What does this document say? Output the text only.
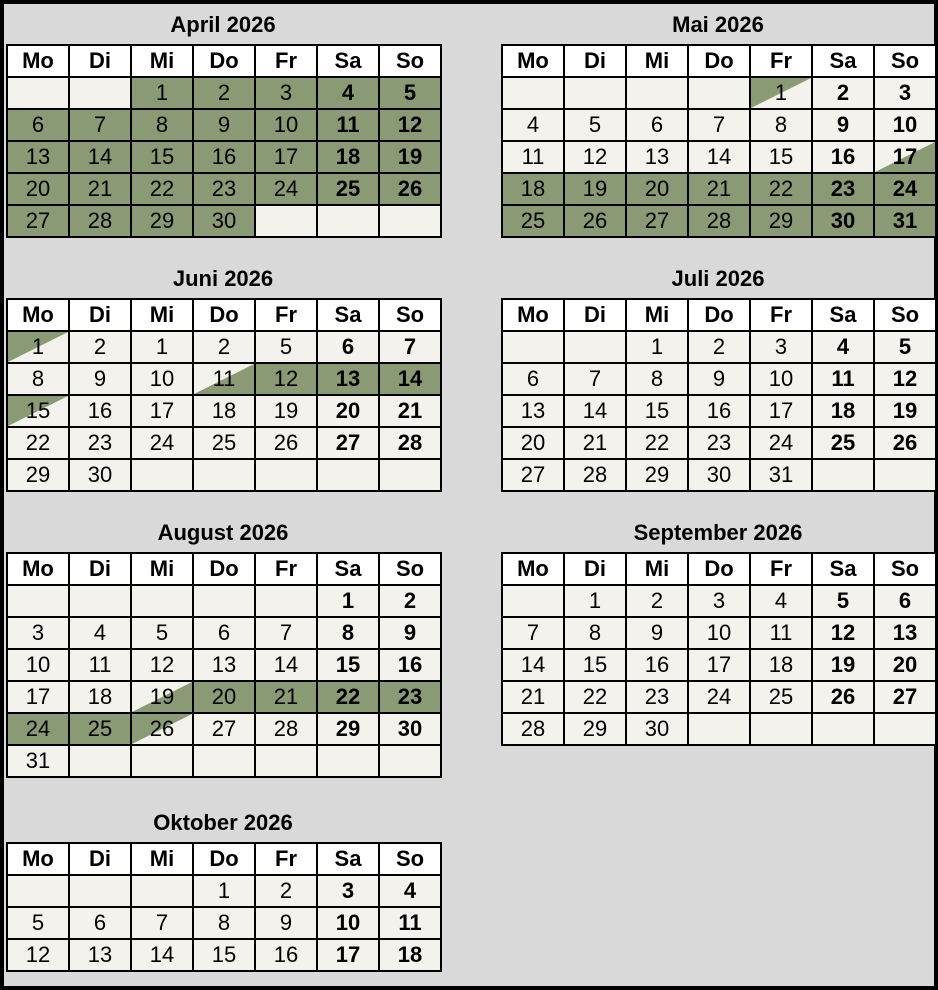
April 2026
Mo	Di	Mi	Do	Fr	Sa	So
		1	2	3	4	5
6	7	8	9	10	11	12
13	14	15	16	17	18	19
20	21	22	23	24	25	26
27	28	29	30			
Mai 2026
Mo	Di	Mi	Do	Fr	Sa	So
				1	2	3
4	5	6	7	8	9	10
11	12	13	14	15	16	17
18	19	20	21	22	23	24
25	26	27	28	29	30	31
Juni 2026
Mo	Di	Mi	Do	Fr	Sa	So
1	2	1	2	5	6	7
8	9	10	11	12	13	14
15	16	17	18	19	20	21
22	23	24	25	26	27	28
29	30					
Juli 2026
Mo	Di	Mi	Do	Fr	Sa	So
		1	2	3	4	5
6	7	8	9	10	11	12
13	14	15	16	17	18	19
20	21	22	23	24	25	26
27	28	29	30	31		
August 2026
Mo	Di	Mi	Do	Fr	Sa	So
					1	2
3	4	5	6	7	8	9
10	11	12	13	14	15	16
17	18	19	20	21	22	23
24	25	26	27	28	29	30
31						
September 2026
Mo	Di	Mi	Do	Fr	Sa	So
	1	2	3	4	5	6
7	8	9	10	11	12	13
14	15	16	17	18	19	20
21	22	23	24	25	26	27
28	29	30				
Oktober 2026
Mo	Di	Mi	Do	Fr	Sa	So
			1	2	3	4
5	6	7	8	9	10	11
12	13	14	15	16	17	18
